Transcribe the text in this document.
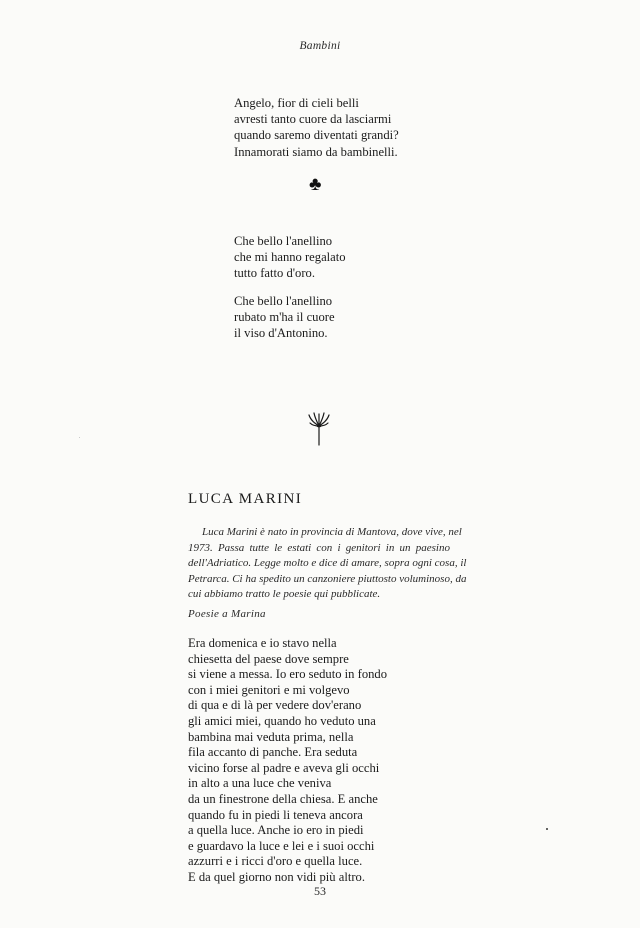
Bambini
Angelo, fior di cieli belli
avresti tanto cuore da lasciarmi
quando saremo diventati grandi?
Innamorati siamo da bambinelli.
♣
Che bello l'anellino
che mi hanno regalato
tutto fatto d'oro.
Che bello l'anellino
rubato m'ha il cuore
il viso d'Antonino.
LUCA MARINI
Luca Marini è nato in provincia di Mantova, dove vive, nel
1973. Passa tutte le estati con i genitori in un paesino
dell'Adriatico. Legge molto e dice di amare, sopra ogni cosa, il
Petrarca. Ci ha spedito un canzoniere piuttosto voluminoso, da
cui abbiamo tratto le poesie qui pubblicate.
Poesie a Marina
Era domenica e io stavo nella
chiesetta del paese dove sempre
si viene a messa. Io ero seduto in fondo
con i miei genitori e mi volgevo
di qua e di là per vedere dov'erano
gli amici miei, quando ho veduto una
bambina mai veduta prima, nella
fila accanto di panche. Era seduta
vicino forse al padre e aveva gli occhi
in alto a una luce che veniva
da un finestrone della chiesa. E anche
quando fu in piedi li teneva ancora
a quella luce. Anche io ero in piedi
e guardavo la luce e lei e i suoi occhi
azzurri e i ricci d'oro e quella luce.
E da quel giorno non vidi più altro.
53
